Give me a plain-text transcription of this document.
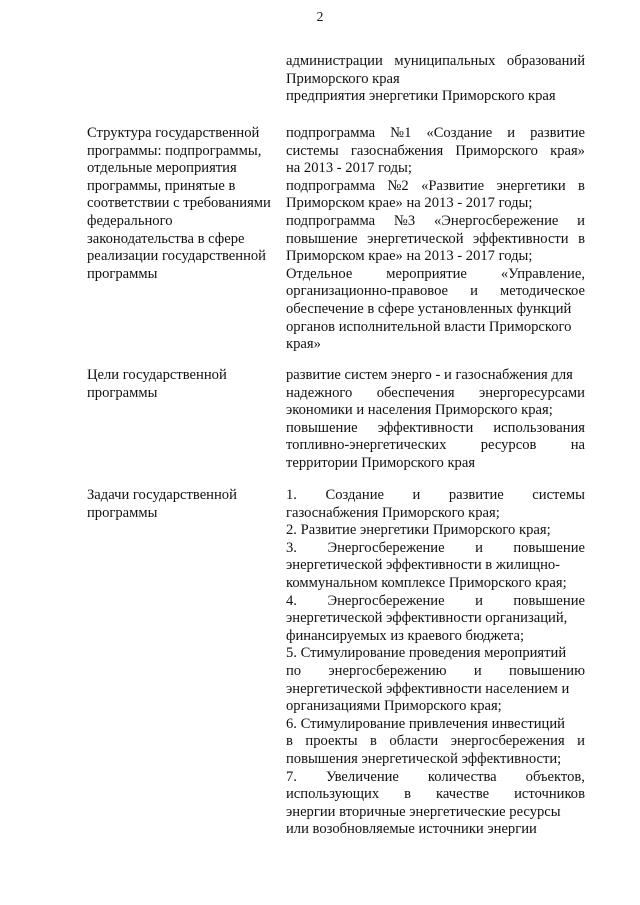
2
администрации муниципальных образований
Приморского края
предприятия энергетики Приморского края
Структура государственной
программы: подпрограммы,
отдельные мероприятия
программы, принятые в
соответствии с требованиями
федерального
законодательства в сфере
реализации государственной
программы
подпрограмма №1 «Создание и развитие
системы газоснабжения Приморского края»
на 2013 - 2017 годы;
подпрограмма №2 «Развитие энергетики в
Приморском крае» на 2013 - 2017 годы;
подпрограмма №3 «Энергосбережение и
повышение энергетической эффективности в
Приморском крае» на 2013 - 2017 годы;
Отдельное мероприятие «Управление,
организационно-правовое и методическое
обеспечение в сфере установленных функций
органов исполнительной власти Приморского
края»
Цели государственной
программы
развитие систем энерго - и газоснабжения для
надежного обеспечения энергоресурсами
экономики и населения Приморского края;
повышение эффективности использования
топливно-энергетических ресурсов на
территории Приморского края
Задачи государственной
программы
1. Создание и развитие системы
газоснабжения Приморского края;
2. Развитие энергетики Приморского края;
3. Энергосбережение и повышение
энергетической эффективности в жилищно-
коммунальном комплексе Приморского края;
4. Энергосбережение и повышение
энергетической эффективности организаций,
финансируемых из краевого бюджета;
5. Стимулирование проведения мероприятий
по энергосбережению и повышению
энергетической эффективности населением и
организациями Приморского края;
6. Стимулирование привлечения инвестиций
в проекты в области энергосбережения и
повышения энергетической эффективности;
7. Увеличение количества объектов,
использующих в качестве источников
энергии вторичные энергетические ресурсы
или возобновляемые источники энергии
